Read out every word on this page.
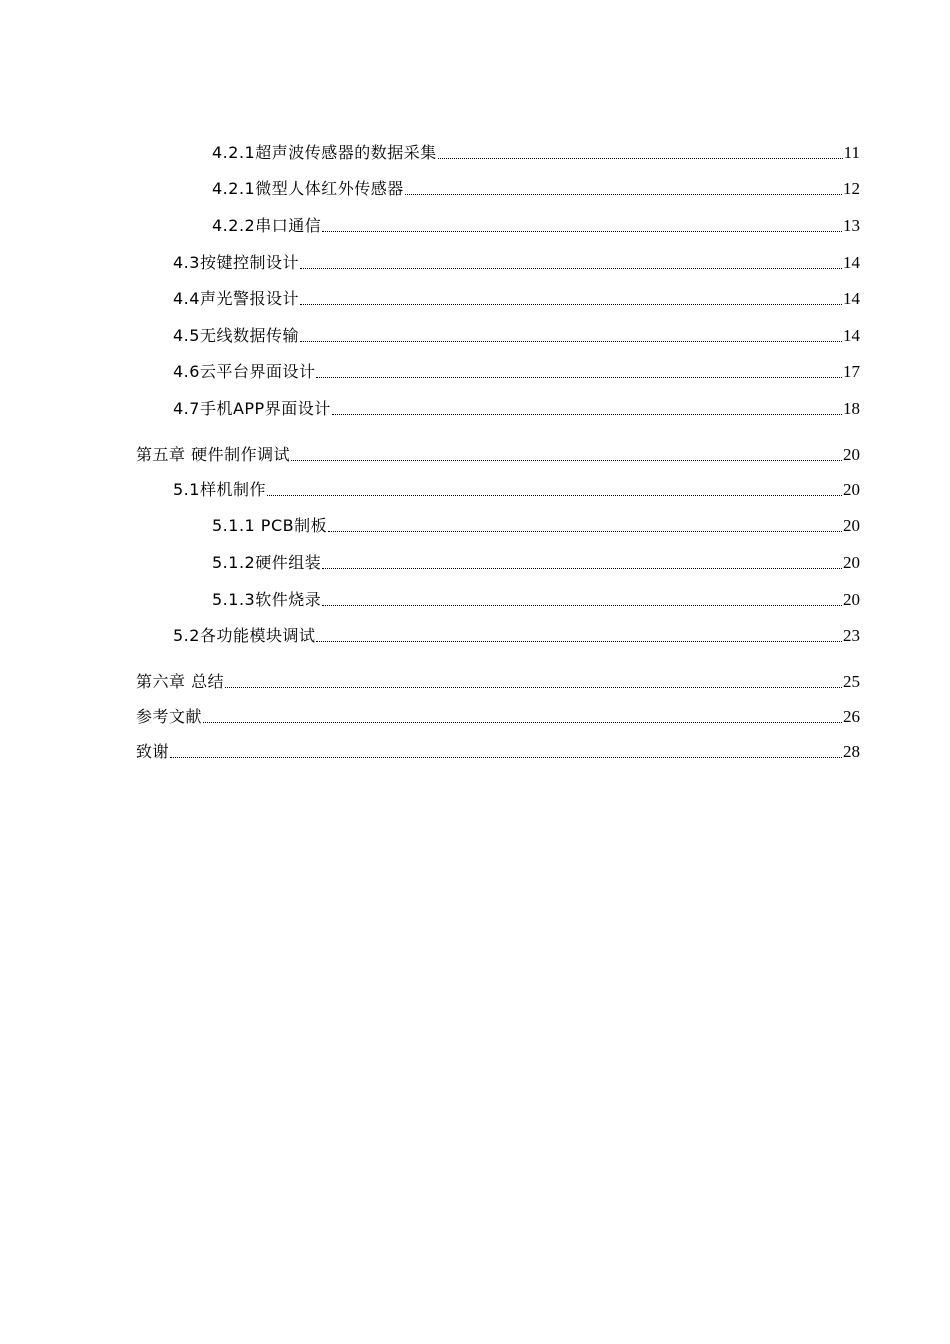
4.2.1超声波传感器的数据采集	11
4.2.1微型人体红外传感器	12
4.2.2串口通信	13
4.3按键控制设计	14
4.4声光警报设计	14
4.5无线数据传输	14
4.6云平台界面设计	17
4.7手机APP界面设计	18
第五章 硬件制作调试	20
5.1样机制作	20
5.1.1 PCB制板	20
5.1.2硬件组装	20
5.1.3软件烧录	20
5.2各功能模块调试	23
第六章 总结	25
参考文献	26
致谢	28
